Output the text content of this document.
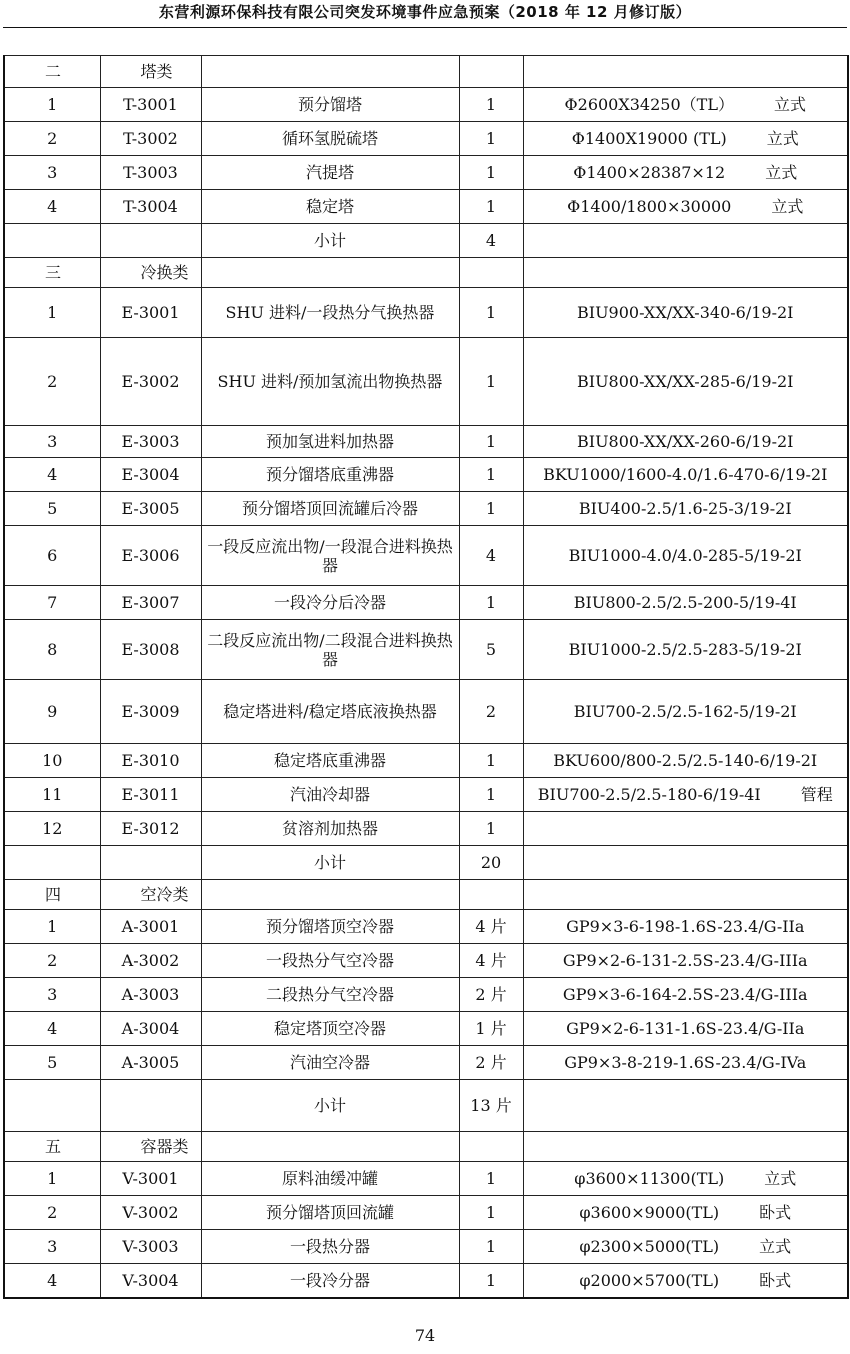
东营利源环保科技有限公司突发环境事件应急预案（2018 年 12 月修订版）
二	塔类			
1	T-3001	预分馏塔	1	Φ2600X34250（TL） 立式
2	T-3002	循环氢脱硫塔	1	Φ1400X19000 (TL) 立式
3	T-3003	汽提塔	1	Φ1400×28387×12 立式
4	T-3004	稳定塔	1	Φ1400/1800×30000 立式
		小计	4	
三	冷换类			
1	E-3001	SHU 进料/一段热分气换热器	1	BIU900-XX/XX-340-6/19-2I
2	E-3002	SHU 进料/预加氢流出物换热器	1	BIU800-XX/XX-285-6/19-2I
3	E-3003	预加氢进料加热器	1	BIU800-XX/XX-260-6/19-2I
4	E-3004	预分馏塔底重沸器	1	BKU1000/1600-4.0/1.6-470-6/19-2I
5	E-3005	预分馏塔顶回流罐后冷器	1	BIU400-2.5/1.6-25-3/19-2I
6	E-3006	一段反应流出物/一段混合进料换热器	4	BIU1000-4.0/4.0-285-5/19-2I
7	E-3007	一段冷分后冷器	1	BIU800-2.5/2.5-200-5/19-4I
8	E-3008	二段反应流出物/二段混合进料换热器	5	BIU1000-2.5/2.5-283-5/19-2I
9	E-3009	稳定塔进料/稳定塔底液换热器	2	BIU700-2.5/2.5-162-5/19-2I
10	E-3010	稳定塔底重沸器	1	BKU600/800-2.5/2.5-140-6/19-2I
11	E-3011	汽油冷却器	1	BIU700-2.5/2.5-180-6/19-4I 管程
12	E-3012	贫溶剂加热器	1	
		小计	20	
四	空冷类			
1	A-3001	预分馏塔顶空冷器	4 片	GP9×3-6-198-1.6S-23.4/G-IIa
2	A-3002	一段热分气空冷器	4 片	GP9×2-6-131-2.5S-23.4/G-IIIa
3	A-3003	二段热分气空冷器	2 片	GP9×3-6-164-2.5S-23.4/G-IIIa
4	A-3004	稳定塔顶空冷器	1 片	GP9×2-6-131-1.6S-23.4/G-IIa
5	A-3005	汽油空冷器	2 片	GP9×3-8-219-1.6S-23.4/G-IVa
		小计	13 片	
五	容器类			
1	V-3001	原料油缓冲罐	1	φ3600×11300(TL) 立式
2	V-3002	预分馏塔顶回流罐	1	φ3600×9000(TL) 卧式
3	V-3003	一段热分器	1	φ2300×5000(TL) 立式
4	V-3004	一段冷分器	1	φ2000×5700(TL) 卧式
74
